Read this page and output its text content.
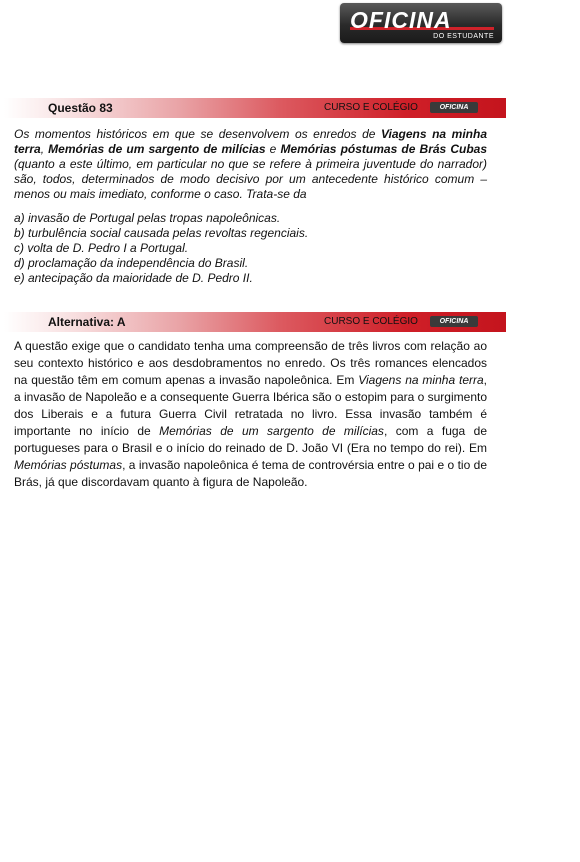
OFICINA
DO ESTUDANTE
Questão 83	CURSO E COLÉGIO	OFICINA
Os momentos históricos em que se desenvolvem os enredos de Viagens na minha terra, Memórias de um sargento de milícias e Memórias póstumas de Brás Cubas (quanto a este último, em particular no que se refere à primeira juventude do narrador) são, todos, determinados de modo decisivo por um antecedente histórico comum – menos ou mais imediato, conforme o caso. Trata-se da
a) invasão de Portugal pelas tropas napoleônicas.
b) turbulência social causada pelas revoltas regenciais.
c) volta de D. Pedro I a Portugal.
d) proclamação da independência do Brasil.
e) antecipação da maioridade de D. Pedro II.
Alternativa: A	CURSO E COLÉGIO	OFICINA
A questão exige que o candidato tenha uma compreensão de três livros com relação ao seu contexto histórico e aos desdobramentos no enredo. Os três romances elencados na questão têm em comum apenas a invasão napoleônica. Em Viagens na minha terra, a invasão de Napoleão e a consequente Guerra Ibérica são o estopim para o surgimento dos Liberais e a futura Guerra Civil retratada no livro. Essa invasão também é importante no início de Memórias de um sargento de milícias, com a fuga de portugueses para o Brasil e o início do reinado de D. João VI (Era no tempo do rei). Em Memórias póstumas, a invasão napoleônica é tema de controvérsia entre o pai e o tio de Brás, já que discordavam quanto à figura de Napoleão.
